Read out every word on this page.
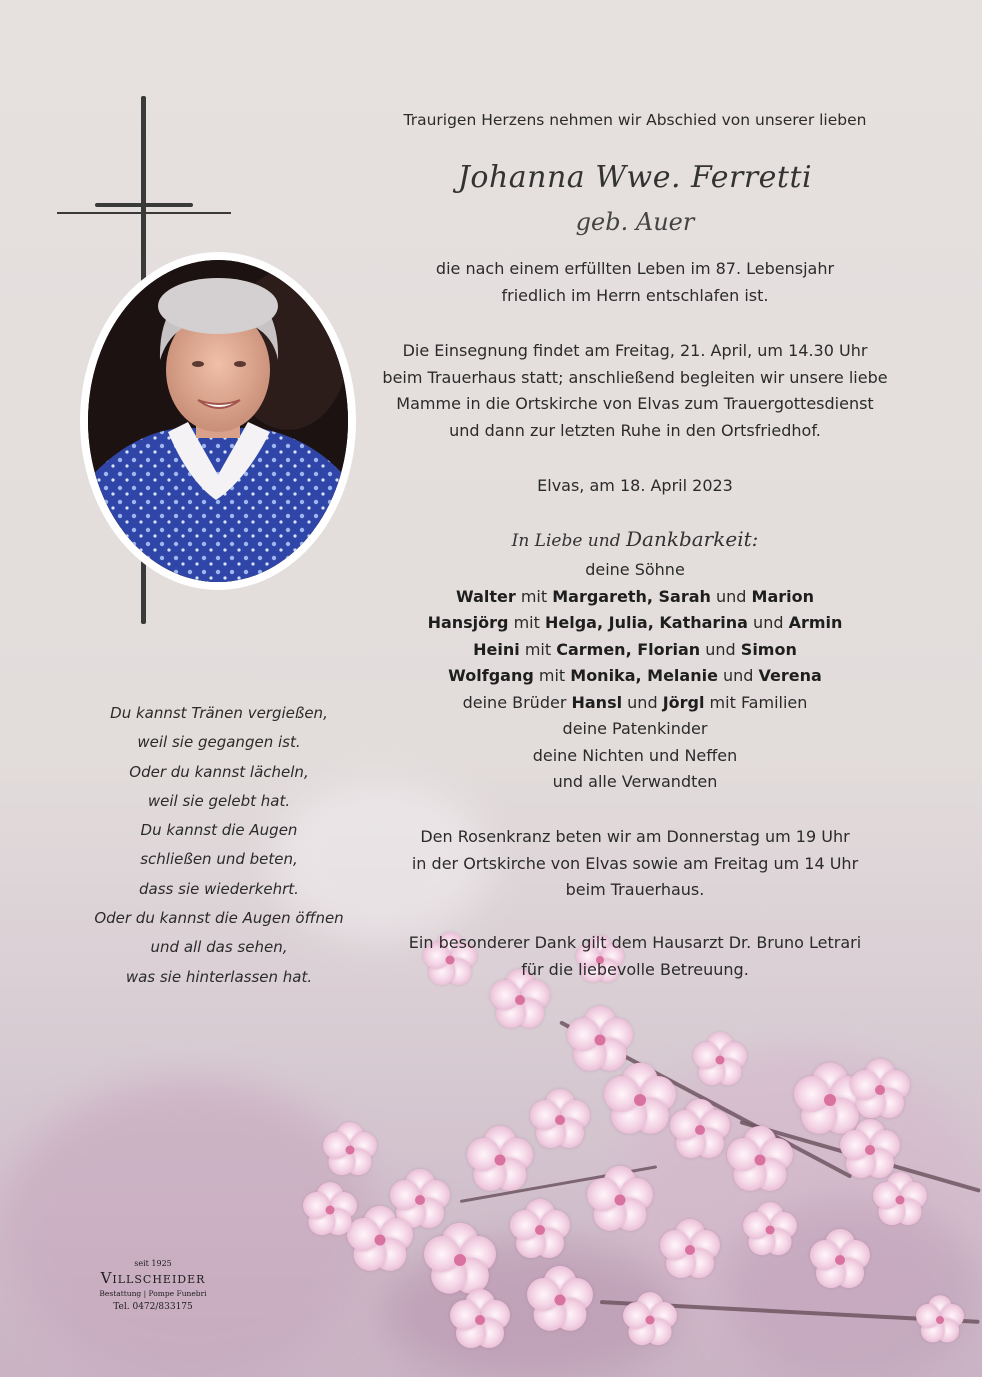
Traurigen Herzens nehmen wir Abschied von unserer lieben
Johanna Wwe. Ferretti
geb. Auer
die nach einem erfüllten Leben im 87. Lebensjahr
friedlich im Herrn entschlafen ist.
Die Einsegnung findet am Freitag, 21. April, um 14.30 Uhr
beim Trauerhaus statt; anschließend begleiten wir unsere liebe
Mamme in die Ortskirche von Elvas zum Trauergottesdienst
und dann zur letzten Ruhe in den Ortsfriedhof.
Elvas, am 18. April 2023
In Liebe und Dankbarkeit:
deine Söhne
Walter mit Margareth, Sarah und Marion
Hansjörg mit Helga, Julia, Katharina und Armin
Heini mit Carmen, Florian und Simon
Wolfgang mit Monika, Melanie und Verena
deine Brüder Hansl und Jörgl mit Familien
deine Patenkinder
deine Nichten und Neffen
und alle Verwandten
Den Rosenkranz beten wir am Donnerstag um 19 Uhr
in der Ortskirche von Elvas sowie am Freitag um 14 Uhr
beim Trauerhaus.
Ein besonderer Dank gilt dem Hausarzt Dr. Bruno Letrari
für die liebevolle Betreuung.
Du kannst Tränen vergießen,
weil sie gegangen ist.
Oder du kannst lächeln,
weil sie gelebt hat.
Du kannst die Augen
schließen und beten,
dass sie wiederkehrt.
Oder du kannst die Augen öffnen
und all das sehen,
was sie hinterlassen hat.
seit 1925
Villscheider
Bestattung | Pompe Funebri
Tel. 0472/833175
